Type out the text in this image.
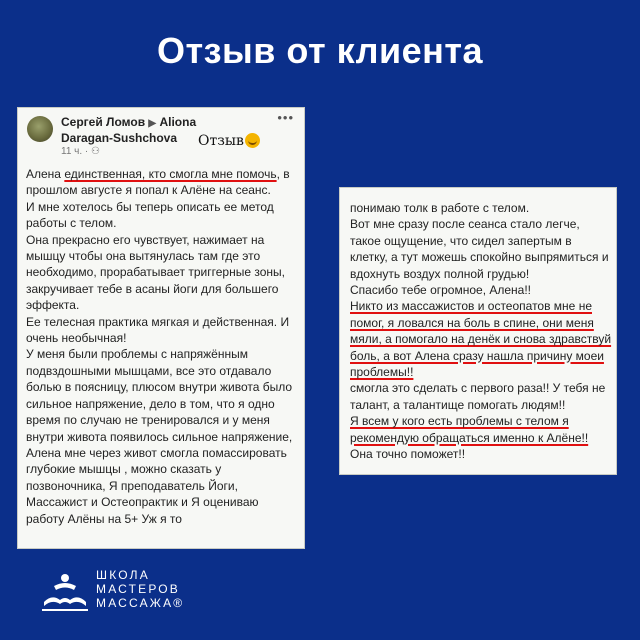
Отзыв от клиента
Сергей Ломов ▶ Aliona
Daragan-Sushchova
11 ч. · ⚇
•••
Отзыв

Алена единственная, кто смогла мне помочь, в прошлом августе я попал к Алёне на сеанс.

И мне хотелось бы теперь описать ее метод работы с телом.

Она прекрасно его чувствует, нажимает на мышцу чтобы она вытянулась там где это необходимо, прорабатывает триггерные зоны, закручивает тебе в асаны йоги для большего эффекта.

Ее телесная практика мягкая и действенная. И очень необычная!

У меня были проблемы с напряжённым подвздошными мышцами, все это отдавало болью в поясницу, плюсом внутри живота было сильное напряжение, дело в том, что я одно время по случаю не тренировался и у меня внутри живота появилось сильное напряжение, Алена мне через живот смогла помассировать глубокие мышцы , можно сказать у позвоночника, Я преподаватель Йоги, Массажист и Остеопрактик и Я оцениваю работу Алёны на 5+ Уж я то

понимаю толк в работе с телом.

Вот мне сразу после сеанса стало легче, такое ощущение, что сидел запертым в клетку, а тут можешь спокойно выпрямиться и вдохнуть воздух полной грудью!

Спасибо тебе огромное, Алена!!

Никто из массажистов и остеопатов мне не помог, я ловался на боль в спине, они меня мяли, а помогало на денёк и снова здравствуй боль, а вот Алена сразу нашла причину моеи проблемы!!

смогла это сделать с первого раза!! У тебя не талант, а талантище помогать людям!!

Я всем у кого есть проблемы с телом я рекомендую обращаться именно к Алёне!!

Она точно поможет!!

ШКОЛА
МАСТЕРОВ
МАССАЖА®
